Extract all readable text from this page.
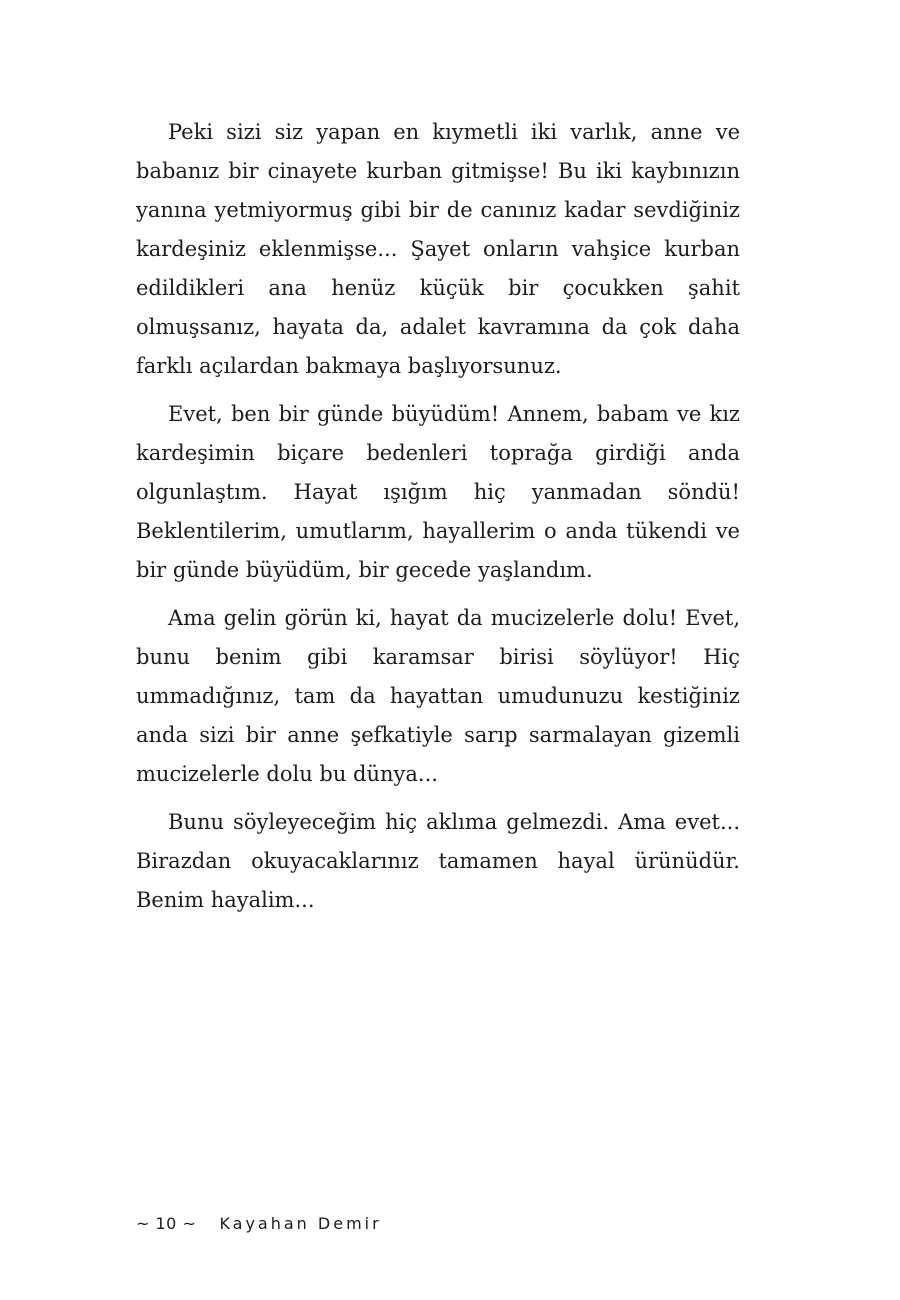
Peki sizi siz yapan en kıymetli iki varlık, anne ve babanız bir cinayete kurban gitmişse! Bu iki kaybınızın yanına yetmiyormuş gibi bir de canınız kadar sevdiğiniz kardeşiniz eklenmişse... Şayet onların vahşice kurban edildikleri ana henüz küçük bir çocukken şahit olmuşsanız, hayata da, adalet kavramına da çok daha farklı açılardan bakmaya başlıyorsunuz.

Evet, ben bir günde büyüdüm! Annem, babam ve kız kardeşimin biçare bedenleri toprağa girdiği anda olgunlaştım. Hayat ışığım hiç yanmadan söndü! Beklentilerim, umutlarım, hayallerim o anda tükendi ve bir günde büyüdüm, bir gecede yaşlandım.

Ama gelin görün ki, hayat da mucizelerle dolu! Evet, bunu benim gibi karamsar birisi söylüyor! Hiç ummadığınız, tam da hayattan umudunuzu kestiğiniz anda sizi bir anne şefkatiyle sarıp sarmalayan gizemli mucizelerle dolu bu dünya...

Bunu söyleyeceğim hiç aklıma gelmezdi. Ama evet... Birazdan okuyacaklarınız tamamen hayal ürünüdür. Benim hayalim...

~ 10 ~ Kayahan Demir
